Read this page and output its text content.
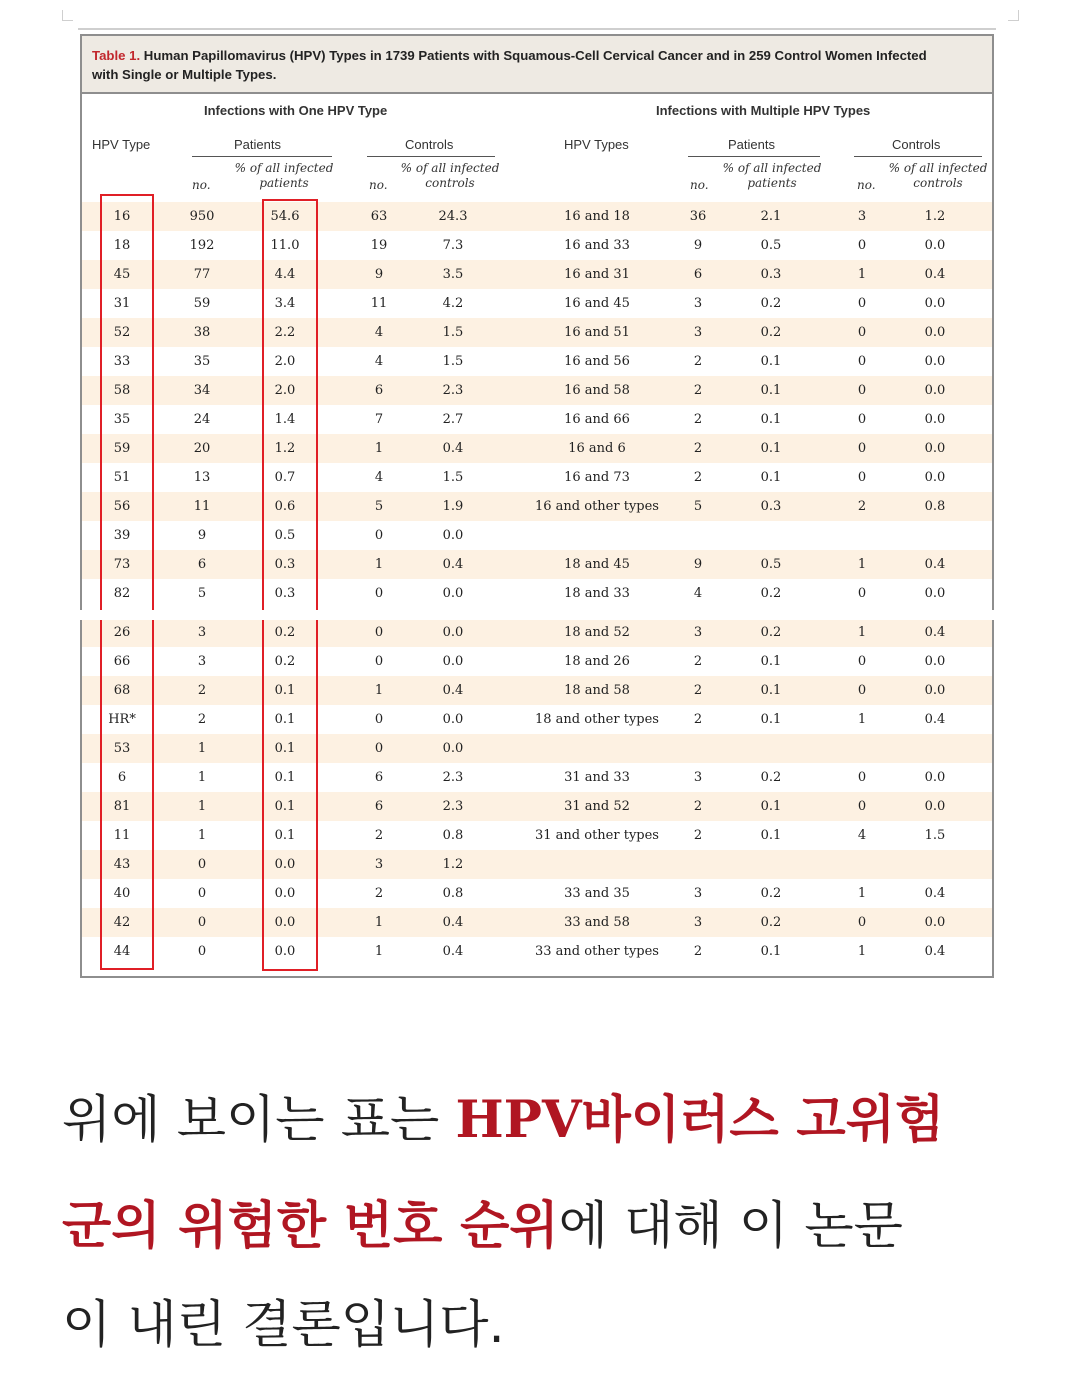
Table 1. Human Papillomavirus (HPV) Types in 1739 Patients with Squamous-Cell Cervical Cancer and in 259 Control Women Infected
with Single or Multiple Types.
Infections with One HPV Type	Infections with Multiple HPV Types
HPV Type	Patients	Controls	HPV Types	Patients	Controls
no.
% of all infected patients	no.
% of all infected controls	no.
% of all infected patients	no.
% of all infected controls
16	950	54.6	63	24.3	16 and 18	36	2.1	3	1.2
18	192	11.0	19	7.3	16 and 33	9	0.5	0	0.0
45	77	4.4	9	3.5	16 and 31	6	0.3	1	0.4
31	59	3.4	11	4.2	16 and 45	3	0.2	0	0.0
52	38	2.2	4	1.5	16 and 51	3	0.2	0	0.0
33	35	2.0	4	1.5	16 and 56	2	0.1	0	0.0
58	34	2.0	6	2.3	16 and 58	2	0.1	0	0.0
35	24	1.4	7	2.7	16 and 66	2	0.1	0	0.0
59	20	1.2	1	0.4	16 and 6	2	0.1	0	0.0
51	13	0.7	4	1.5	16 and 73	2	0.1	0	0.0
56	11	0.6	5	1.9	16 and other types	5	0.3	2	0.8
39	9	0.5	0	0.0
73	6	0.3	1	0.4	18 and 45	9	0.5	1	0.4
82	5	0.3	0	0.0	18 and 33	4	0.2	0	0.0
26	3	0.2	0	0.0	18 and 52	3	0.2	1	0.4
66	3	0.2	0	0.0	18 and 26	2	0.1	0	0.0
68	2	0.1	1	0.4	18 and 58	2	0.1	0	0.0
HR*	2	0.1	0	0.0	18 and other types	2	0.1	1	0.4
53	1	0.1	0	0.0
6	1	0.1	6	2.3	31 and 33	3	0.2	0	0.0
81	1	0.1	6	2.3	31 and 52	2	0.1	0	0.0
11	1	0.1	2	0.8	31 and other types	2	0.1	4	1.5
43	0	0.0	3	1.2
40	0	0.0	2	0.8	33 and 35	3	0.2	1	0.4
42	0	0.0	1	0.4	33 and 58	3	0.2	0	0.0
44	0	0.0	1	0.4	33 and other types	2	0.1	1	0.4
위에 보이는 표는 HPV바이러스 고위험
군의 위험한 번호 순위에 대해 이 논문
이 내린 결론입니다.
